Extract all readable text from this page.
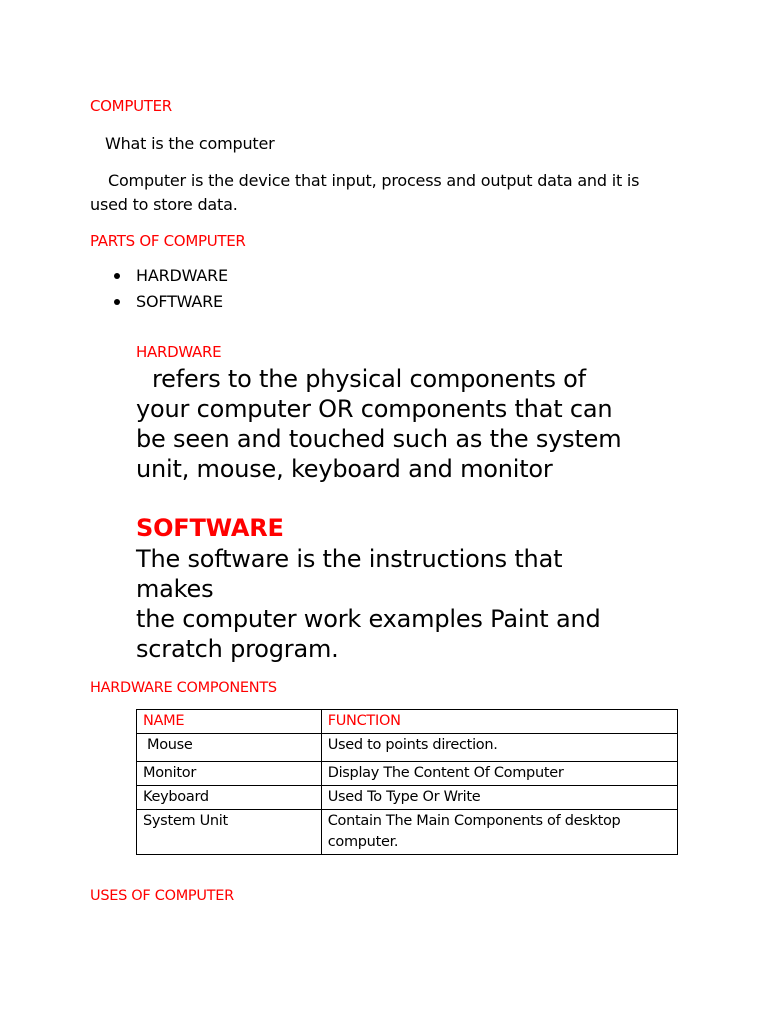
COMPUTER

What is the computer

Computer is the device that input, process and output data and it is
used to store data.

PARTS OF COMPUTER

HARDWARE
SOFTWARE

HARDWARE

refers to the physical components of
your computer OR components that can
be seen and touched such as the system
unit, mouse, keyboard and monitor

SOFTWARE

The software is the instructions that
makes
the computer work examples Paint and
scratch program.

HARDWARE COMPONENTS

NAME	FUNCTION
Mouse	Used to points direction.
Monitor	Display The Content Of Computer
Keyboard	Used To Type Or Write
System Unit	Contain The Main Components of desktop computer.

USES OF COMPUTER
